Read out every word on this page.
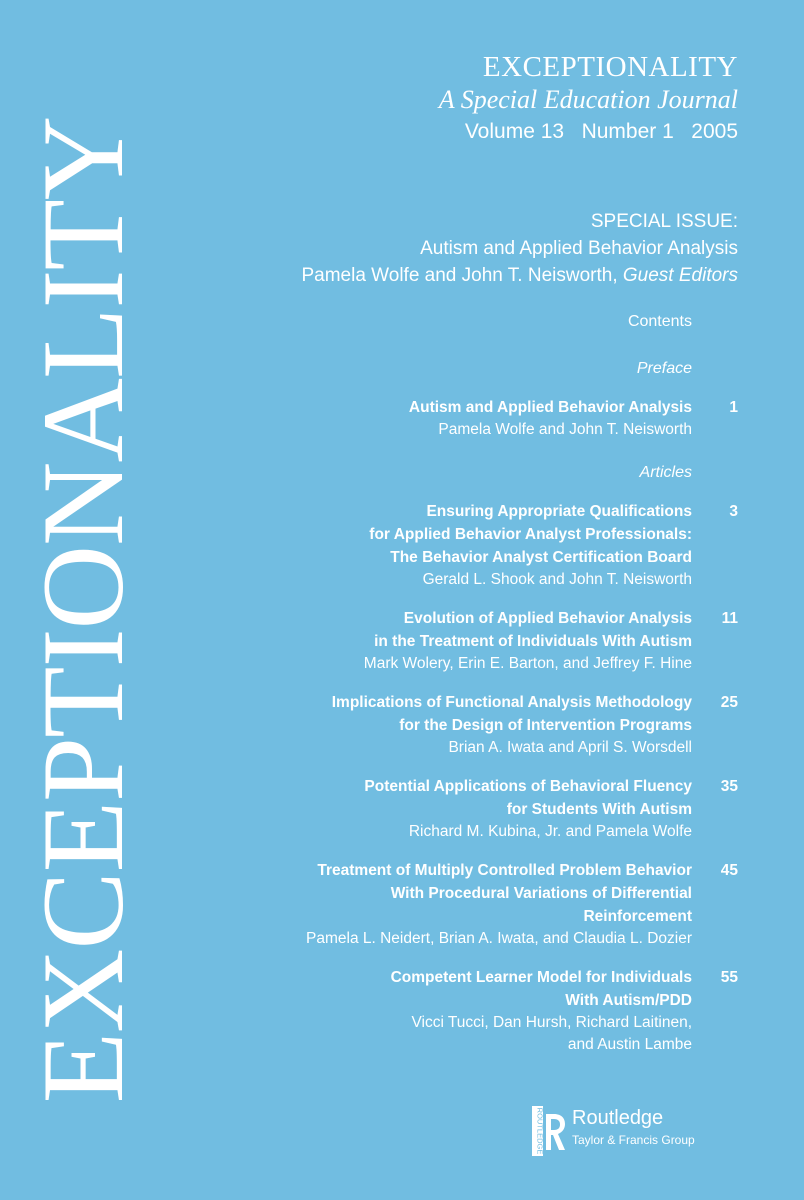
EXCEPTIONALITY
EXCEPTIONALITY
A Special Education Journal
Volume 13   Number 1   2005
SPECIAL ISSUE:
Autism and Applied Behavior Analysis
Pamela Wolfe and John T. Neisworth, Guest Editors
Contents
Preface
Autism and Applied Behavior Analysis
Pamela Wolfe and John T. Neisworth
1
Articles
Ensuring Appropriate Qualifications
for Applied Behavior Analyst Professionals:
The Behavior Analyst Certification Board
Gerald L. Shook and John T. Neisworth
3
Evolution of Applied Behavior Analysis
in the Treatment of Individuals With Autism
Mark Wolery, Erin E. Barton, and Jeffrey F. Hine
11
Implications of Functional Analysis Methodology
for the Design of Intervention Programs
Brian A. Iwata and April S. Worsdell
25
Potential Applications of Behavioral Fluency
for Students With Autism
Richard M. Kubina, Jr. and Pamela Wolfe
35
Treatment of Multiply Controlled Problem Behavior
With Procedural Variations of Differential
Reinforcement
Pamela L. Neidert, Brian A. Iwata, and Claudia L. Dozier
45
Competent Learner Model for Individuals
With Autism/PDD
Vicci Tucci, Dan Hursh, Richard Laitinen,
and Austin Lambe
55
ROUTLEDGE Routledge
Taylor & Francis Group
